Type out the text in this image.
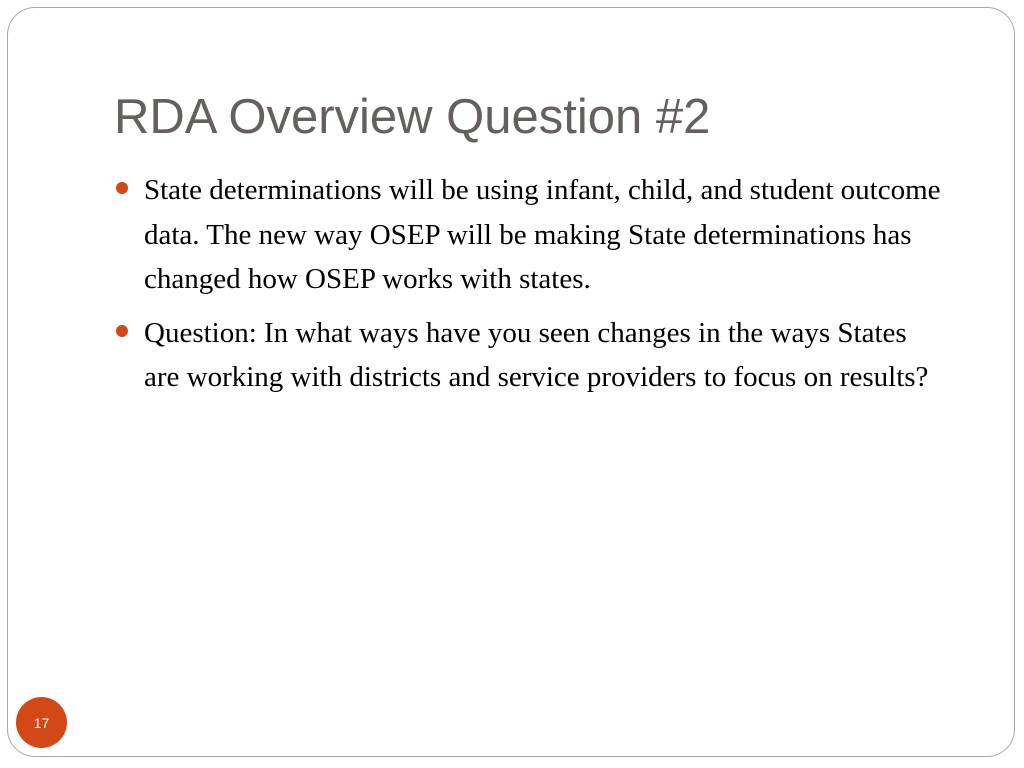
RDA Overview Question #2
State determinations will be using infant, child, and student outcome data. The new way OSEP will be making State determinations has changed how OSEP works with states.
Question: In what ways have you seen changes in the ways States are working with districts and service providers to focus on results?
17
